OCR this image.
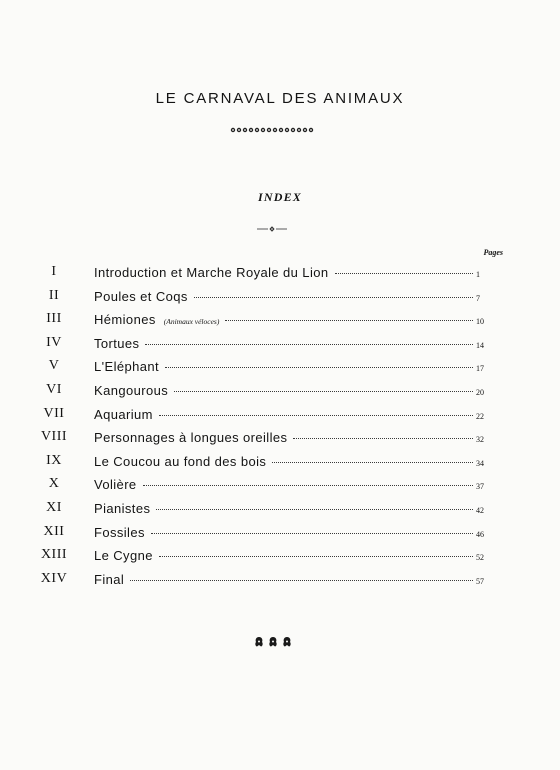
LE CARNAVAL DES ANIMAUX
INDEX
Pages
I	Introduction et Marche Royale du Lion	1
II	Poules et Coqs	7
III	Hémiones (Animaux véloces)	10
IV	Tortues	14
V	L'Eléphant	17
VI	Kangourous	20
VII	Aquarium	22
VIII	Personnages à longues oreilles	32
IX	Le Coucou au fond des bois	34
X	Volière	37
XI	Pianistes	42
XII	Fossiles	46
XIII	Le Cygne	52
XIV	Final	57
